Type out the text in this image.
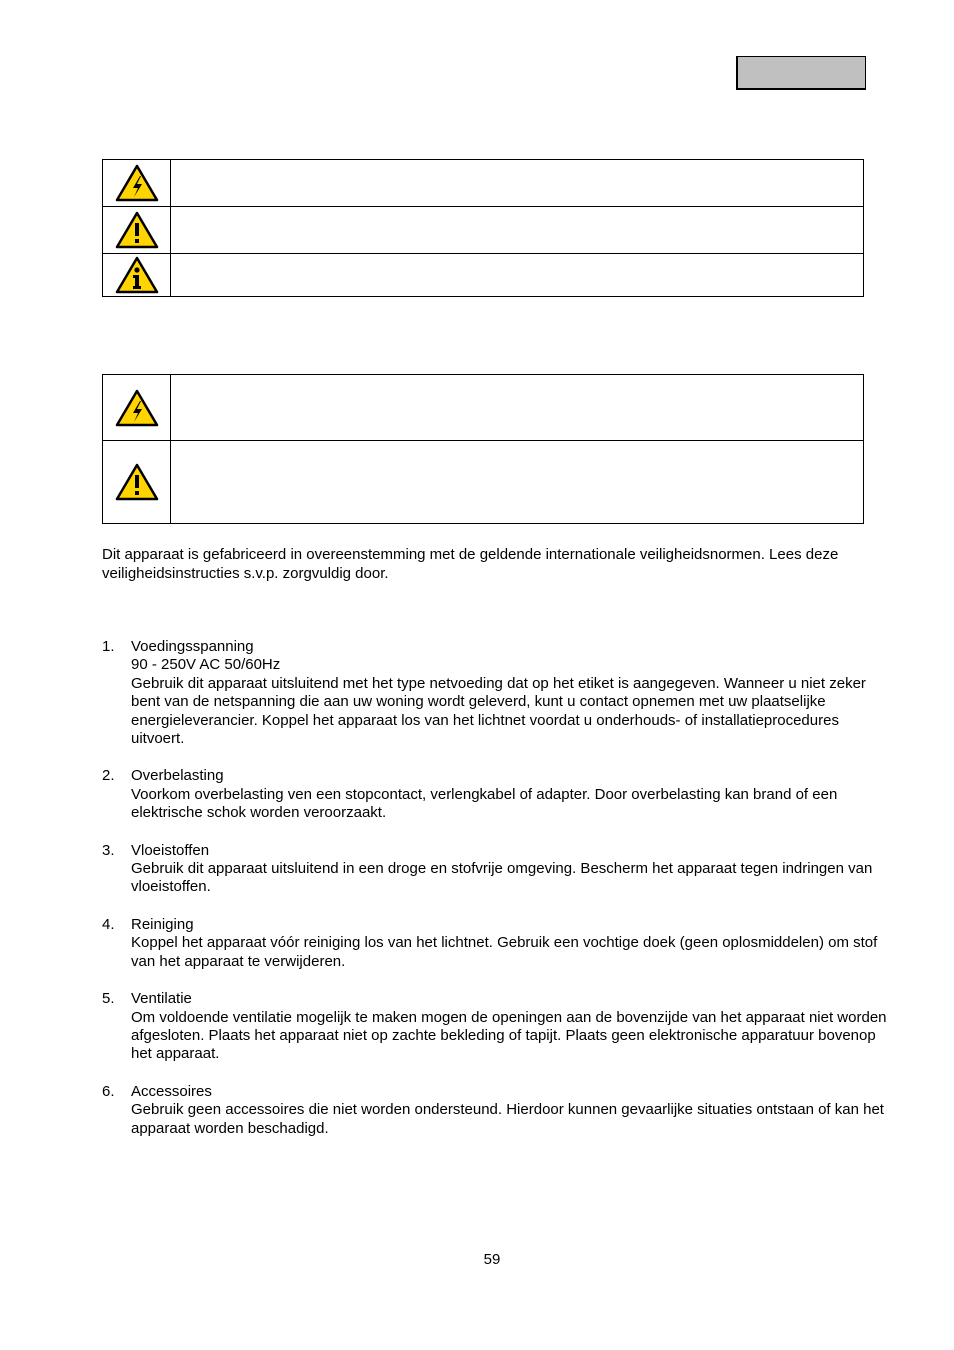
Dit apparaat is gefabriceerd in overeenstemming met de geldende internationale veiligheidsnormen. Lees deze veiligheidsinstructies s.v.p. zorgvuldig door.

1. Voedingsspanning
90 - 250V AC 50/60Hz
Gebruik dit apparaat uitsluitend met het type netvoeding dat op het etiket is aangegeven. Wanneer u niet zeker bent van de netspanning die aan uw woning wordt geleverd, kunt u contact opnemen met uw plaatselijke energieleverancier. Koppel het apparaat los van het lichtnet voordat u onderhouds- of installatieprocedures uitvoert.
2. Overbelasting
Voorkom overbelasting ven een stopcontact, verlengkabel of adapter. Door overbelasting kan brand of een elektrische schok worden veroorzaakt.
3. Vloeistoffen
Gebruik dit apparaat uitsluitend in een droge en stofvrije omgeving. Bescherm het apparaat tegen indringen van vloeistoffen.
4. Reiniging
Koppel het apparaat vóór reiniging los van het lichtnet. Gebruik een vochtige doek (geen oplosmiddelen) om stof van het apparaat te verwijderen.
5. Ventilatie
Om voldoende ventilatie mogelijk te maken mogen de openingen aan de bovenzijde van het apparaat niet worden afgesloten. Plaats het apparaat niet op zachte bekleding of tapijt. Plaats geen elektronische apparatuur bovenop het apparaat.
6. Accessoires
Gebruik geen accessoires die niet worden ondersteund. Hierdoor kunnen gevaarlijke situaties ontstaan of kan het apparaat worden beschadigd.
59
